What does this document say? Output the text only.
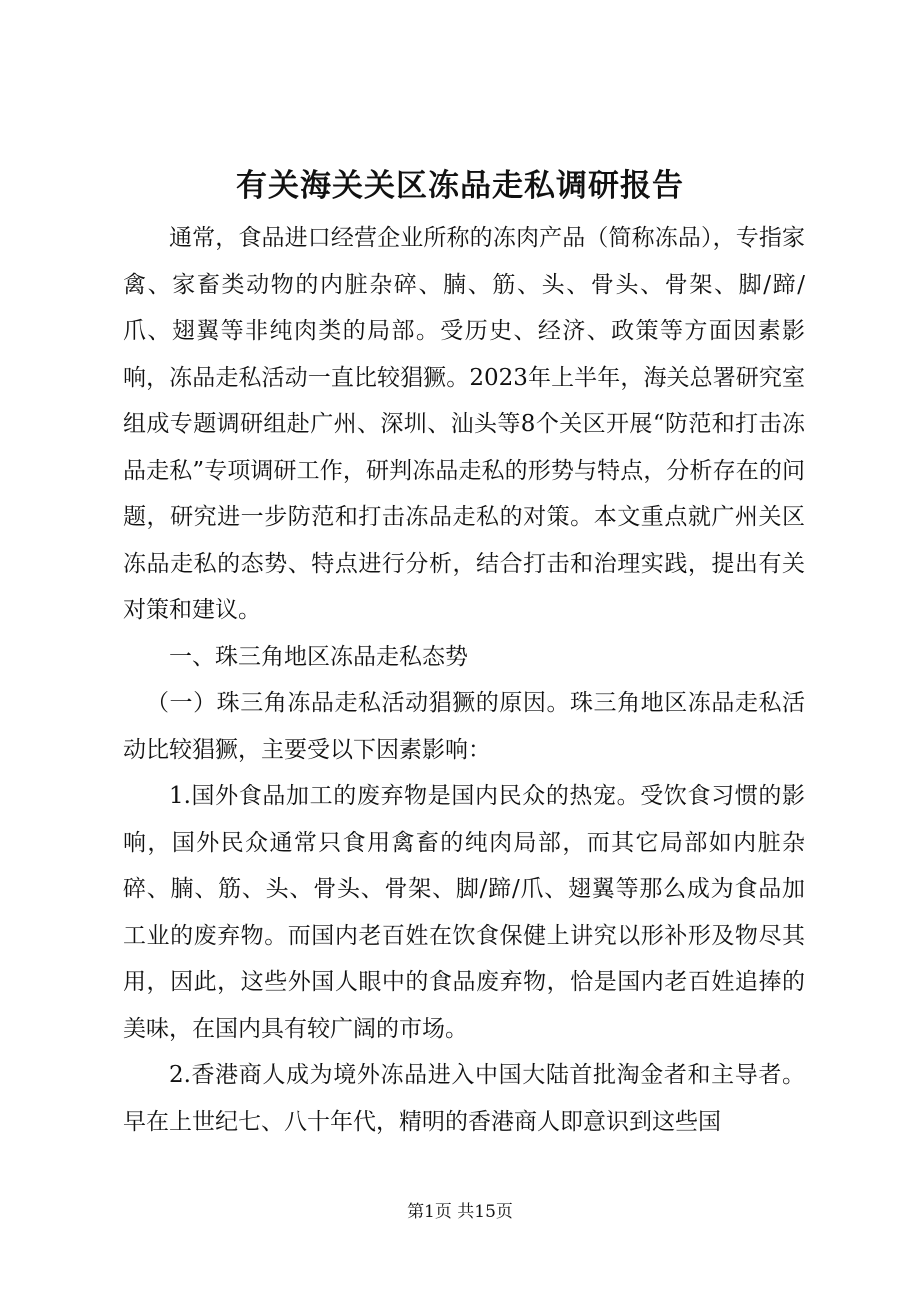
有关海关关区冻品走私调研报告

通常，食品进口经营企业所称的冻肉产品（简称冻品），专指家禽、家畜类动物的内脏杂碎、腩、筋、头、骨头、骨架、脚/蹄/爪、翅翼等非纯肉类的局部。受历史、经济、政策等方面因素影响，冻品走私活动一直比较猖獗。2023年上半年，海关总署研究室组成专题调研组赴广州、深圳、汕头等8个关区开展“防范和打击冻品走私”专项调研工作，研判冻品走私的形势与特点，分析存在的问题，研究进一步防范和打击冻品走私的对策。本文重点就广州关区冻品走私的态势、特点进行分析，结合打击和治理实践，提出有关对策和建议。

一、珠三角地区冻品走私态势

（一）珠三角冻品走私活动猖獗的原因。珠三角地区冻品走私活动比较猖獗，主要受以下因素影响：

1.国外食品加工的废弃物是国内民众的热宠。受饮食习惯的影响，国外民众通常只食用禽畜的纯肉局部，而其它局部如内脏杂碎、腩、筋、头、骨头、骨架、脚/蹄/爪、翅翼等那么成为食品加工业的废弃物。而国内老百姓在饮食保健上讲究以形补形及物尽其用，因此，这些外国人眼中的食品废弃物，恰是国内老百姓追捧的美味，在国内具有较广阔的市场。

2.香港商人成为境外冻品进入中国大陆首批淘金者和主导者。早在上世纪七、八十年代，精明的香港商人即意识到这些国

第1页 共15页
